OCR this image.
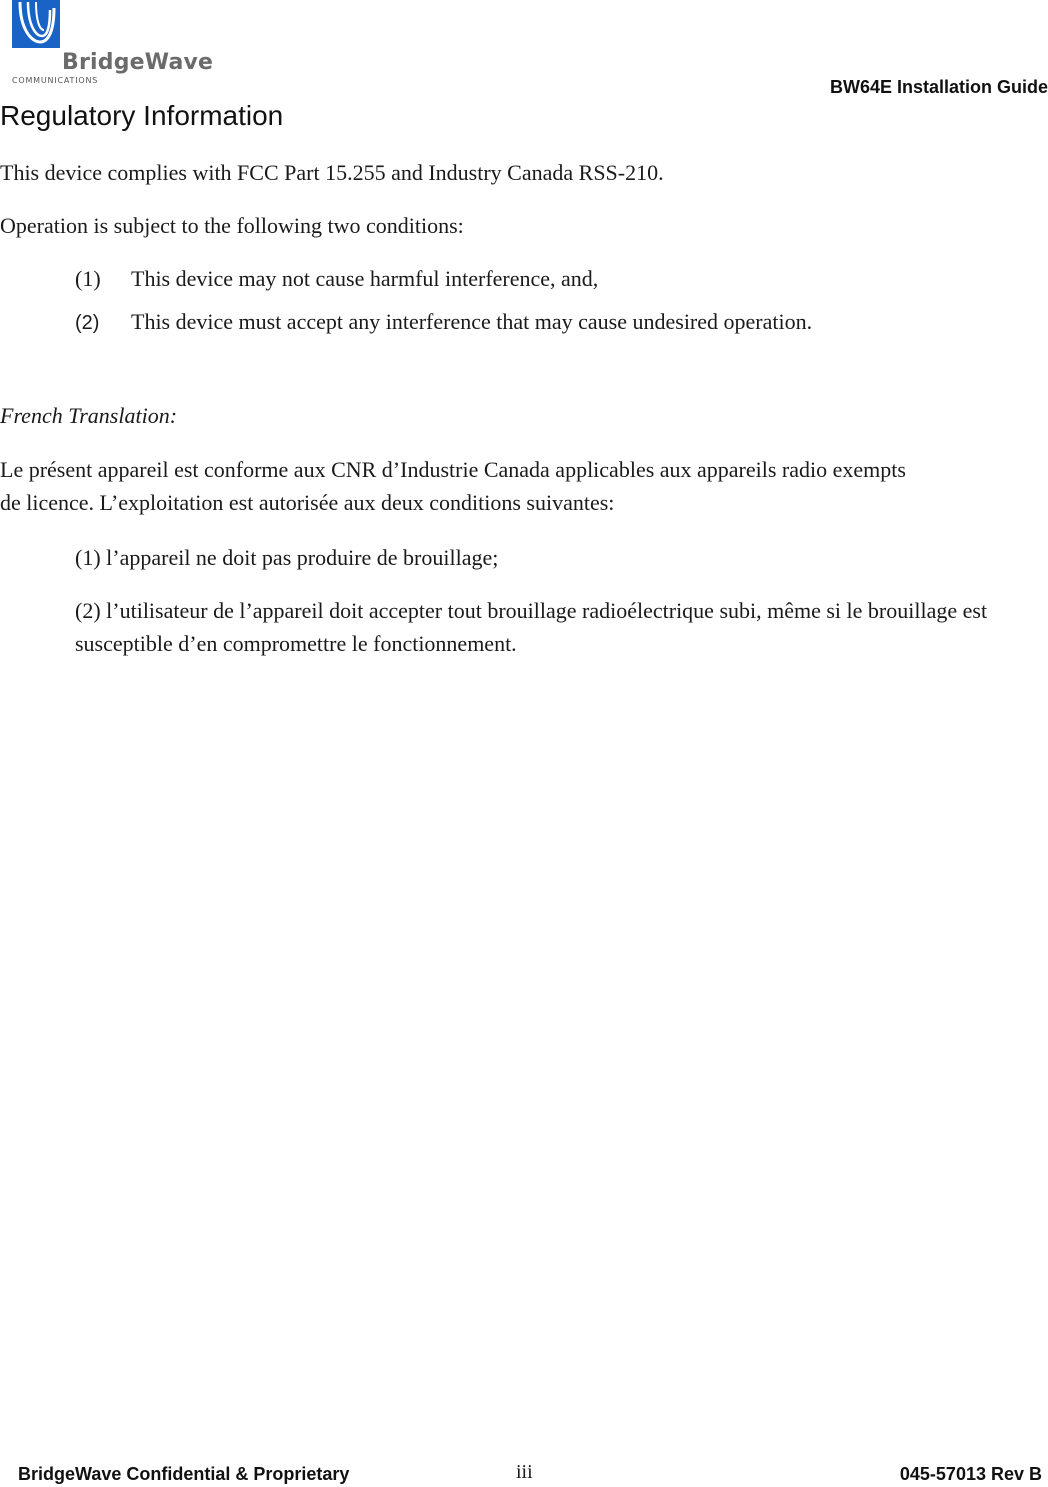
BridgeWave
COMMUNICATIONS	BW64E Installation Guide
Regulatory Information

This device complies with FCC Part 15.255 and Industry Canada RSS-210.

Operation is subject to the following two conditions:

(1) This device may not cause harmful interference, and,

(2) This device must accept any interference that may cause undesired operation.

French Translation:

Le présent appareil est conforme aux CNR d’Industrie Canada applicables aux appareils radio exempts

de licence. L’exploitation est autorisée aux deux conditions suivantes:

(1) l’appareil ne doit pas produire de brouillage;

(2) l’utilisateur de l’appareil doit accepter tout brouillage radioélectrique subi, même si le brouillage est susceptible d’en compromettre le fonctionnement.

BridgeWave Confidential & Proprietary	iii	045-57013 Rev B
